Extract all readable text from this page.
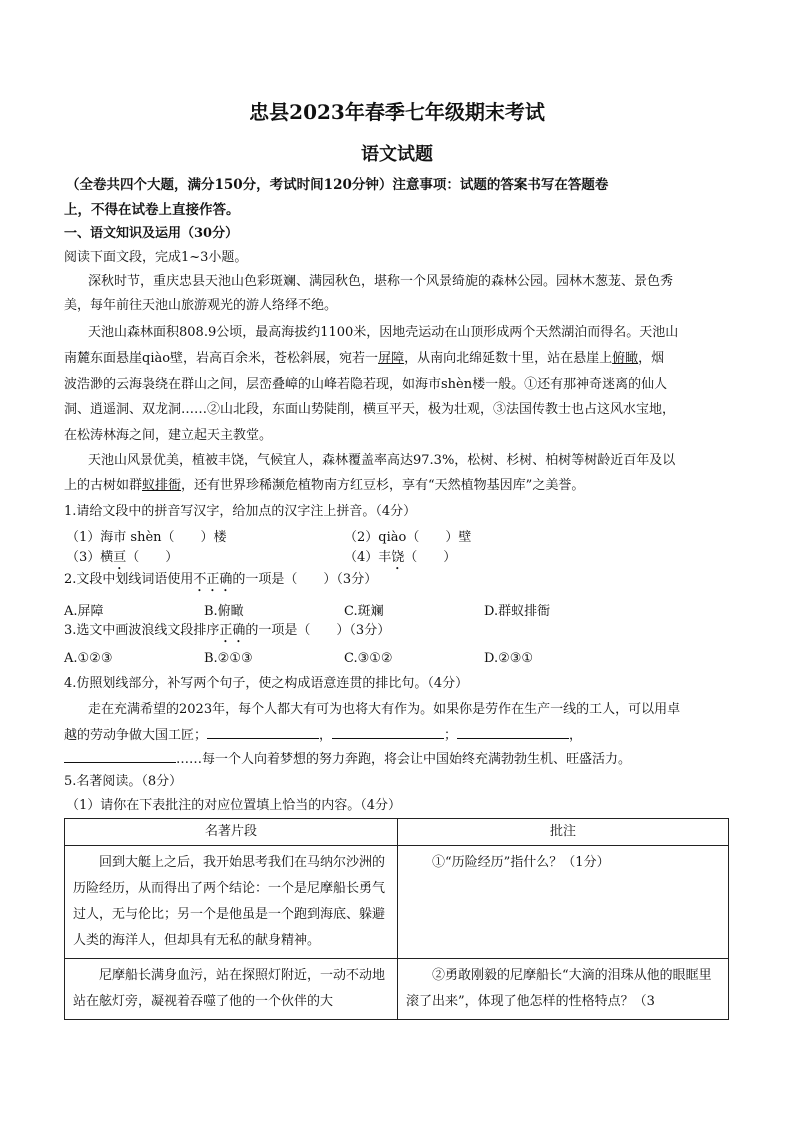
忠县2023年春季七年级期末考试
语文试题
（全卷共四个大题，满分150分，考试时间120分钟）注意事项：试题的答案书写在答题卷
上，不得在试卷上直接作答。
一、语文知识及运用（30分）
阅读下面文段，完成1~3小题。
深秋时节，重庆忠县天池山色彩斑斓、满园秋色，堪称一个风景绮旎的森林公园。园林木葱茏、景色秀
美，每年前往天池山旅游观光的游人络绎不绝。
天池山森林面积808.9公顷，最高海拔约1100米，因地壳运动在山顶形成两个天然湖泊而得名。天池山
南麓东面悬崖qiào壁，岩高百余米，苍松斜展，宛若一屏障，从南向北绵延数十里，站在悬崖上俯瞰，烟
波浩渺的云海袅绕在群山之间，层峦叠嶂的山峰若隐若现，如海市shèn楼一般。①还有那神奇迷离的仙人
洞、逍遥洞、双龙洞……②山北段，东面山势陡削，横亘平天，极为壮观，③法国传教士也占这风水宝地，
在松涛林海之间，建立起天主教堂。
天池山风景优美，植被丰饶，气候宜人，森林覆盖率高达97.3%，松树、杉树、柏树等树龄近百年及以
上的古树如群蚁排衙，还有世界珍稀濒危植物南方红豆杉，享有“天然植物基因库”之美誉。
1.请给文段中的拼音写汉字，给加点的汉字注上拼音。（4分）
（1）海市 shèn（　　）楼	（2）qiào（　　）壁
（3）横亘（　　）	（4）丰饶（　　）
2.文段中划线词语使用不正确的一项是（　　）（3分）
A.屏障	B.俯瞰	C.斑斓	D.群蚁排衙
3.选文中画波浪线文段排序正确的一项是（　　）（3分）
A.①②③	B.②①③	C.③①②	D.②③①
4.仿照划线部分，补写两个句子，使之构成语意连贯的排比句。（4分）
走在充满希望的2023年，每个人都大有可为也将大有作为。如果你是劳作在生产一线的工人，可以用卓
越的劳动争做大国工匠；	，	；	，
……每一个人向着梦想的努力奔跑，将会让中国始终充满勃勃生机、旺盛活力。
5.名著阅读。（8分）
（1）请你在下表批注的对应位置填上恰当的内容。（4分）
名著片段	批注

回到大艇上之后，我开始思考我们在马纳尔沙洲的历险经历，从而得出了两个结论：一个是尼摩船长勇气过人，无与伦比；另一个是他虽是一个跑到海底、躲避人类的海洋人，但却具有无私的献身精神。	①“历险经历”指什么？（1分）

尼摩船长满身血污，站在探照灯附近，一动不动地站在舷灯旁，凝视着吞噬了他的一个伙伴的大	②勇敢刚毅的尼摩船长“大滴的泪珠从他的眼眶里滚了出来”，体现了他怎样的性格特点？（3
